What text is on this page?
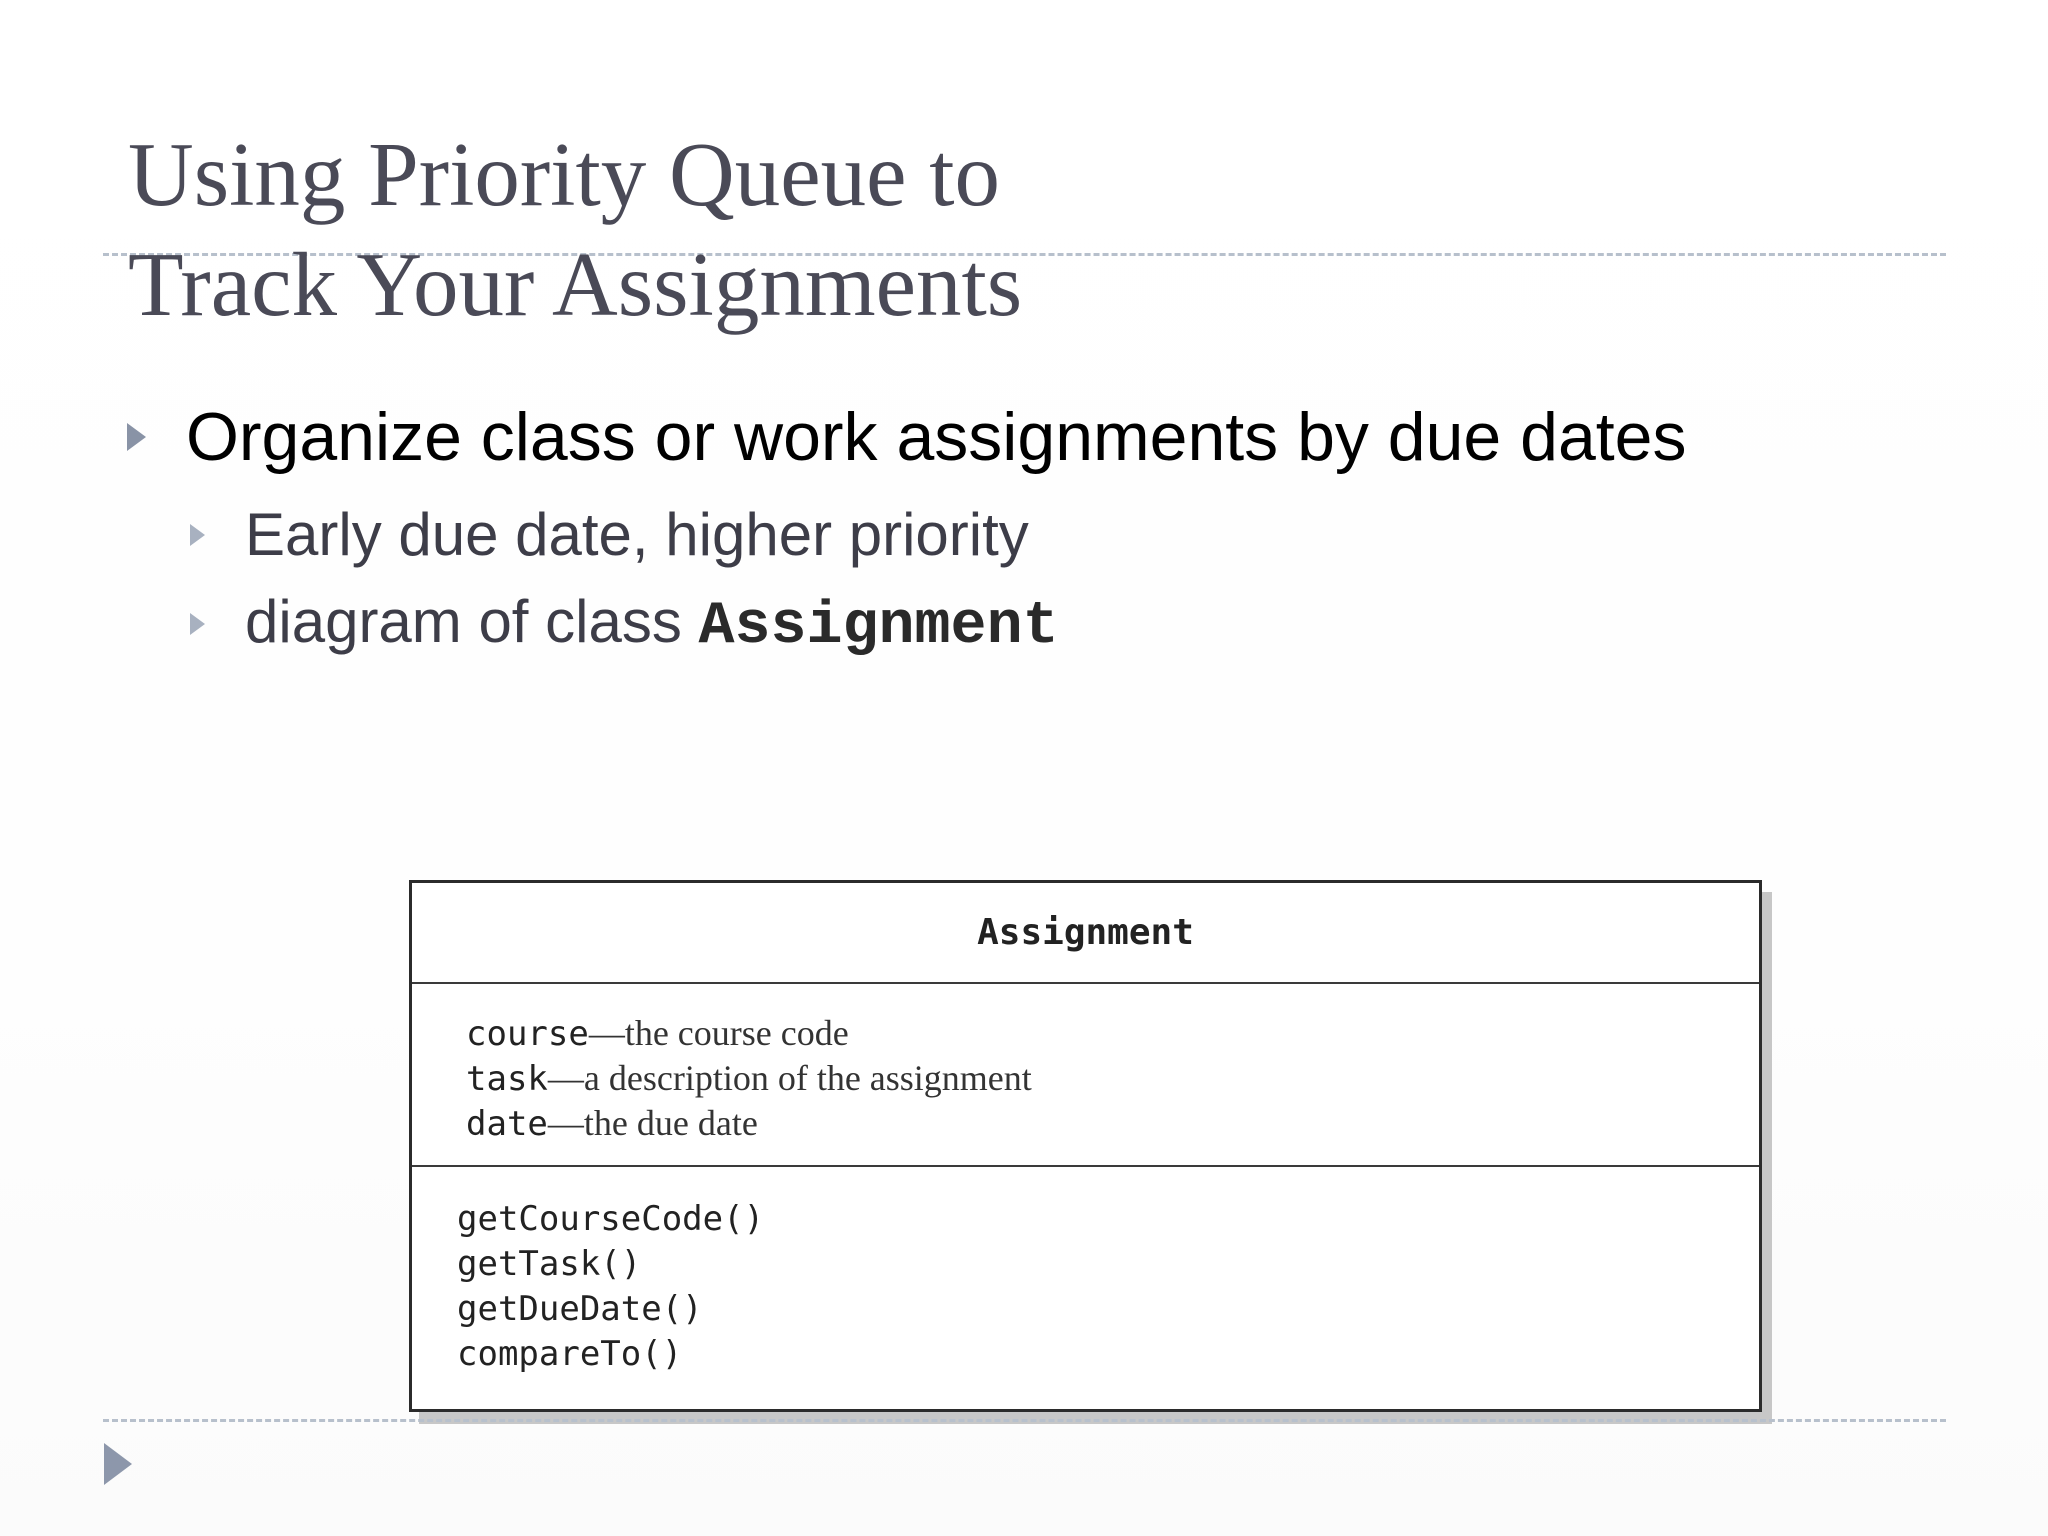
Using Priority Queue to
Track Your Assignments
Organize class or work assignments by due dates
Early due date, higher priority
diagram of class Assignment
Assignment
course—the course code
task—a description of the assignment
date—the due date
getCourseCode()
getTask()
getDueDate()
compareTo()
